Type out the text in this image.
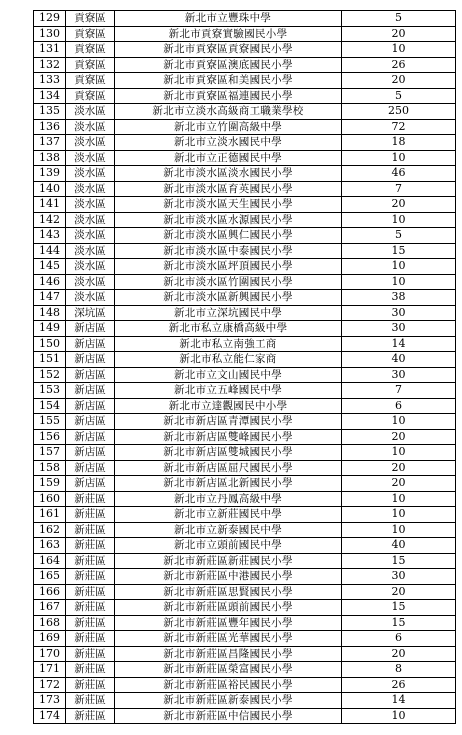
129	貢寮區	新北市立豐珠中學	5
130	貢寮區	新北市貢寮實驗國民小學	20
131	貢寮區	新北市貢寮區貢寮國民小學	10
132	貢寮區	新北市貢寮區澳底國民小學	26
133	貢寮區	新北市貢寮區和美國民小學	20
134	貢寮區	新北市貢寮區福連國民小學	5
135	淡水區	新北市立淡水高級商工職業學校	250
136	淡水區	新北市立竹圍高級中學	72
137	淡水區	新北市立淡水國民中學	18
138	淡水區	新北市立正德國民中學	10
139	淡水區	新北市淡水區淡水國民小學	46
140	淡水區	新北市淡水區育英國民小學	7
141	淡水區	新北市淡水區天生國民小學	20
142	淡水區	新北市淡水區水源國民小學	10
143	淡水區	新北市淡水區興仁國民小學	5
144	淡水區	新北市淡水區中泰國民小學	15
145	淡水區	新北市淡水區坪頂國民小學	10
146	淡水區	新北市淡水區竹圍國民小學	10
147	淡水區	新北市淡水區新興國民小學	38
148	深坑區	新北市立深坑國民中學	30
149	新店區	新北市私立康橋高級中學	30
150	新店區	新北市私立南強工商	14
151	新店區	新北市私立能仁家商	40
152	新店區	新北市立文山國民中學	30
153	新店區	新北市立五峰國民中學	7
154	新店區	新北市立達觀國民中小學	6
155	新店區	新北市新店區青潭國民小學	10
156	新店區	新北市新店區雙峰國民小學	20
157	新店區	新北市新店區雙城國民小學	10
158	新店區	新北市新店區屈尺國民小學	20
159	新店區	新北市新店區北新國民小學	20
160	新莊區	新北市立丹鳳高級中學	10
161	新莊區	新北市立新莊國民中學	10
162	新莊區	新北市立新泰國民中學	10
163	新莊區	新北市立頭前國民中學	40
164	新莊區	新北市新莊區新莊國民小學	15
165	新莊區	新北市新莊區中港國民小學	30
166	新莊區	新北市新莊區思賢國民小學	20
167	新莊區	新北市新莊區頭前國民小學	15
168	新莊區	新北市新莊區豐年國民小學	15
169	新莊區	新北市新莊區光華國民小學	6
170	新莊區	新北市新莊區昌隆國民小學	20
171	新莊區	新北市新莊區榮富國民小學	8
172	新莊區	新北市新莊區裕民國民小學	26
173	新莊區	新北市新莊區新泰國民小學	14
174	新莊區	新北市新莊區中信國民小學	10
